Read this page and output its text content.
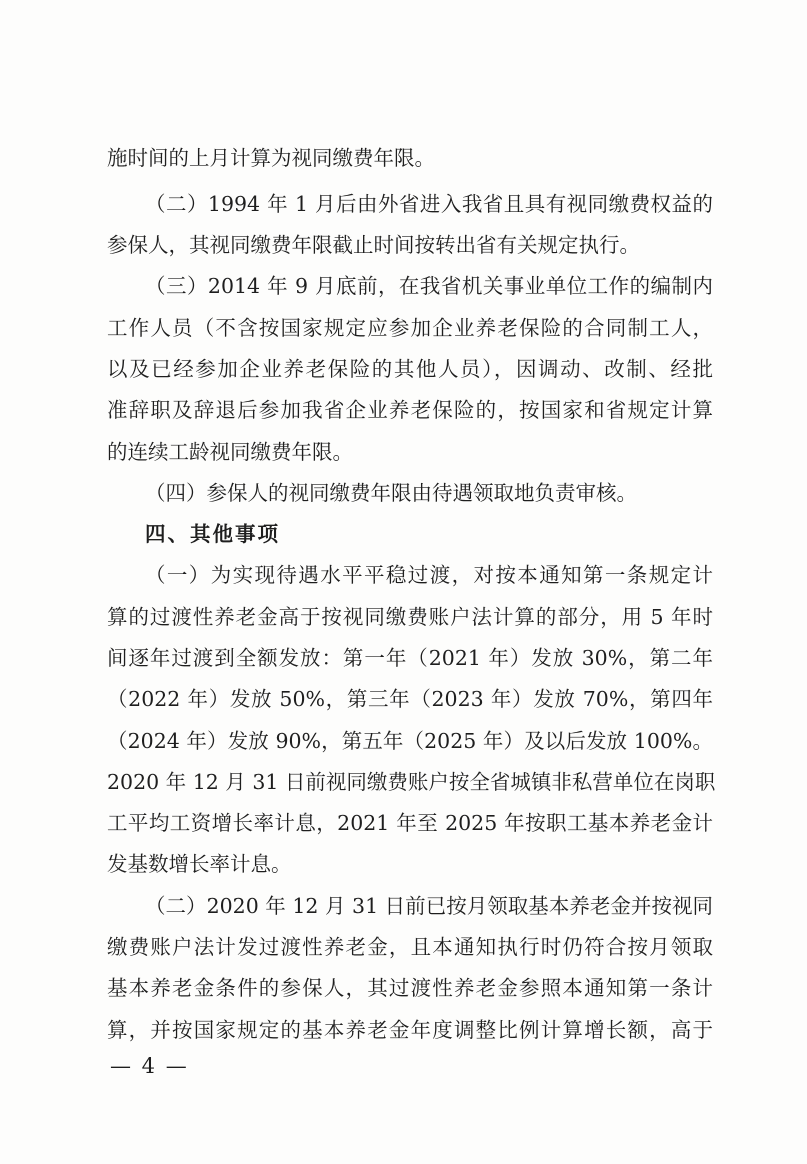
施时间的上月计算为视同缴费年限。
（二）1994 年 1 月后由外省进入我省且具有视同缴费权益的
参保人，其视同缴费年限截止时间按转出省有关规定执行。
（三）2014 年 9 月底前，在我省机关事业单位工作的编制内
工作人员（不含按国家规定应参加企业养老保险的合同制工人，
以及已经参加企业养老保险的其他人员），因调动、改制、经批
准辞职及辞退后参加我省企业养老保险的，按国家和省规定计算
的连续工龄视同缴费年限。
（四）参保人的视同缴费年限由待遇领取地负责审核。
四、其他事项
（一）为实现待遇水平平稳过渡，对按本通知第一条规定计
算的过渡性养老金高于按视同缴费账户法计算的部分，用 5 年时
间逐年过渡到全额发放：第一年（2021 年）发放 30%，第二年
（2022 年）发放 50%，第三年（2023 年）发放 70%，第四年
（2024 年）发放 90%，第五年（2025 年）及以后发放 100%。
2020 年 12 月 31 日前视同缴费账户按全省城镇非私营单位在岗职
工平均工资增长率计息，2021 年至 2025 年按职工基本养老金计
发基数增长率计息。
（二）2020 年 12 月 31 日前已按月领取基本养老金并按视同
缴费账户法计发过渡性养老金，且本通知执行时仍符合按月领取
基本养老金条件的参保人，其过渡性养老金参照本通知第一条计
算，并按国家规定的基本养老金年度调整比例计算增长额，高于
— 4 —
